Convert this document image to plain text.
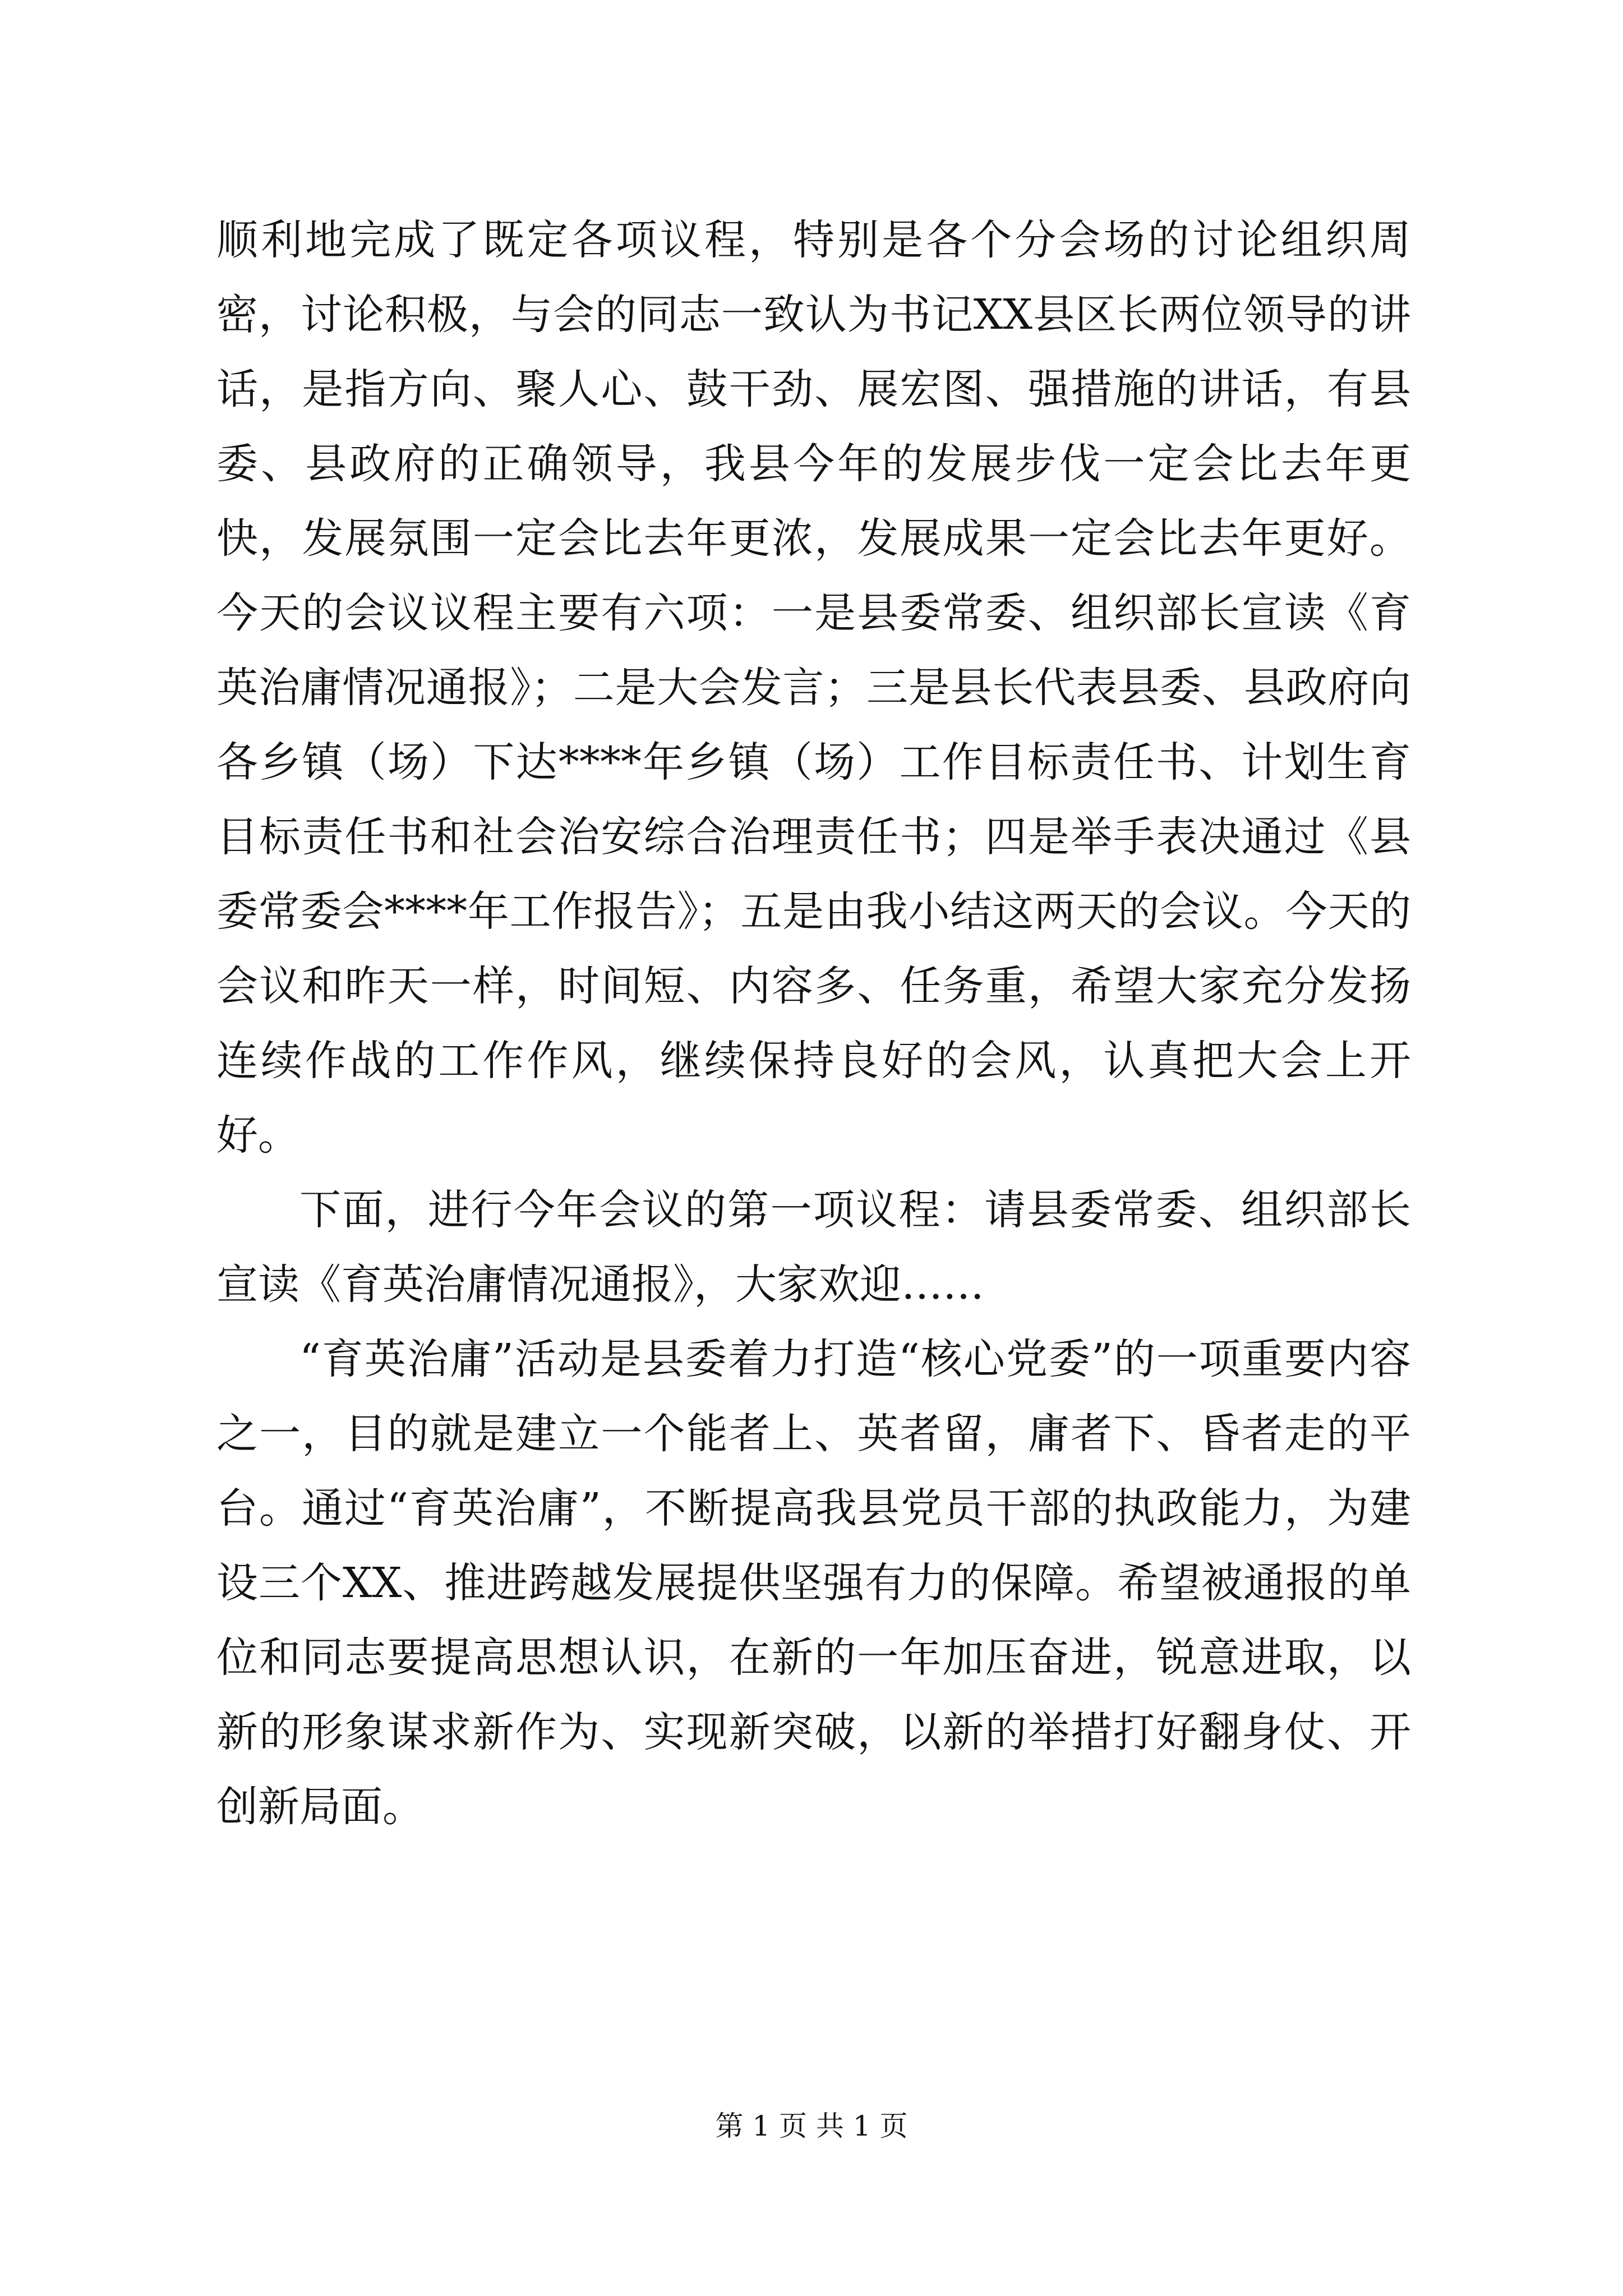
顺利地完成了既定各项议程，特别是各个分会场的讨论组织周密，讨论积极，与会的同志一致认为书记XX县区长两位领导的讲话，是指方向、聚人心、鼓干劲、展宏图、强措施的讲话，有县委、县政府的正确领导，我县今年的发展步伐一定会比去年更快，发展氛围一定会比去年更浓，发展成果一定会比去年更好。今天的会议议程主要有六项：一是县委常委、组织部长宣读《育英治庸情况通报》；二是大会发言；三是县长代表县委、县政府向各乡镇（场）下达****年乡镇（场）工作目标责任书、计划生育目标责任书和社会治安综合治理责任书；四是举手表决通过《县委常委会****年工作报告》；五是由我小结这两天的会议。今天的会议和昨天一样，时间短、内容多、任务重，希望大家充分发扬连续作战的工作作风，继续保持良好的会风，认真把大会上开好。

下面，进行今年会议的第一项议程：请县委常委、组织部长宣读《育英治庸情况通报》，大家欢迎……

“育英治庸”活动是县委着力打造“核心党委”的一项重要内容之一，目的就是建立一个能者上、英者留，庸者下、昏者走的平台。通过“育英治庸”，不断提高我县党员干部的执政能力，为建设三个XX、推进跨越发展提供坚强有力的保障。希望被通报的单位和同志要提高思想认识，在新的一年加压奋进，锐意进取，以新的形象谋求新作为、实现新突破，以新的举措打好翻身仗、开创新局面。

第 1 页 共 1 页
